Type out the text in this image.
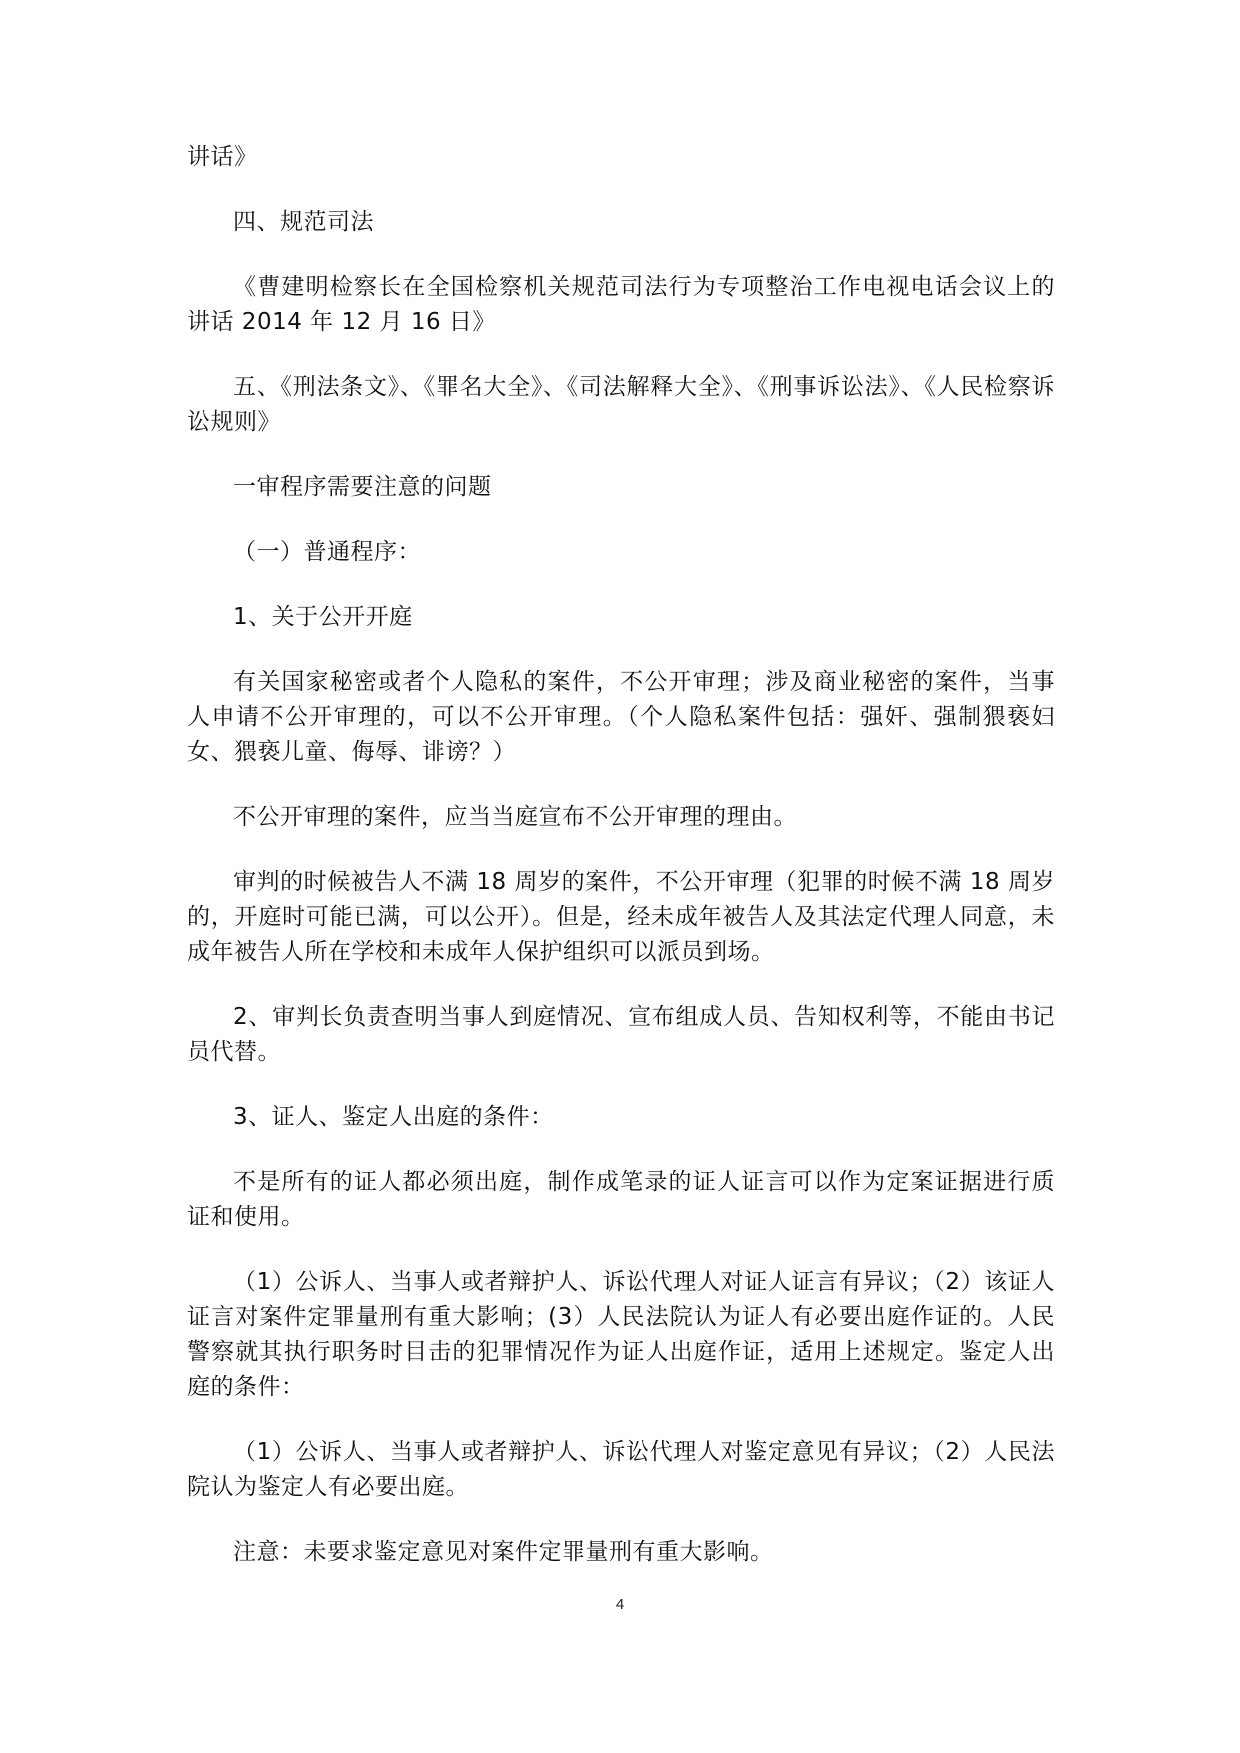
讲话》

四、规范司法

《曹建明检察长在全国检察机关规范司法行为专项整治工作电视电话会议上的讲话 2014 年 12 月 16 日》

五、《刑法条文》、《罪名大全》、《司法解释大全》、《刑事诉讼法》、《人民检察诉讼规则》

一审程序需要注意的问题

（一）普通程序：

1、关于公开开庭

有关国家秘密或者个人隐私的案件，不公开审理；涉及商业秘密的案件，当事人申请不公开审理的，可以不公开审理。（个人隐私案件包括：强奸、强制猥亵妇女、猥亵儿童、侮辱、诽谤？）

不公开审理的案件，应当当庭宣布不公开审理的理由。

审判的时候被告人不满 18 周岁的案件，不公开审理（犯罪的时候不满 18 周岁的，开庭时可能已满，可以公开）。但是，经未成年被告人及其法定代理人同意，未成年被告人所在学校和未成年人保护组织可以派员到场。

2、审判长负责查明当事人到庭情况、宣布组成人员、告知权利等，不能由书记员代替。

3、证人、鉴定人出庭的条件：

不是所有的证人都必须出庭，制作成笔录的证人证言可以作为定案证据进行质证和使用。

（1）公诉人、当事人或者辩护人、诉讼代理人对证人证言有异议；（2）该证人证言对案件定罪量刑有重大影响；(3）人民法院认为证人有必要出庭作证的。人民警察就其执行职务时目击的犯罪情况作为证人出庭作证，适用上述规定。鉴定人出庭的条件：

（1）公诉人、当事人或者辩护人、诉讼代理人对鉴定意见有异议；（2）人民法院认为鉴定人有必要出庭。

注意：未要求鉴定意见对案件定罪量刑有重大影响。

4
